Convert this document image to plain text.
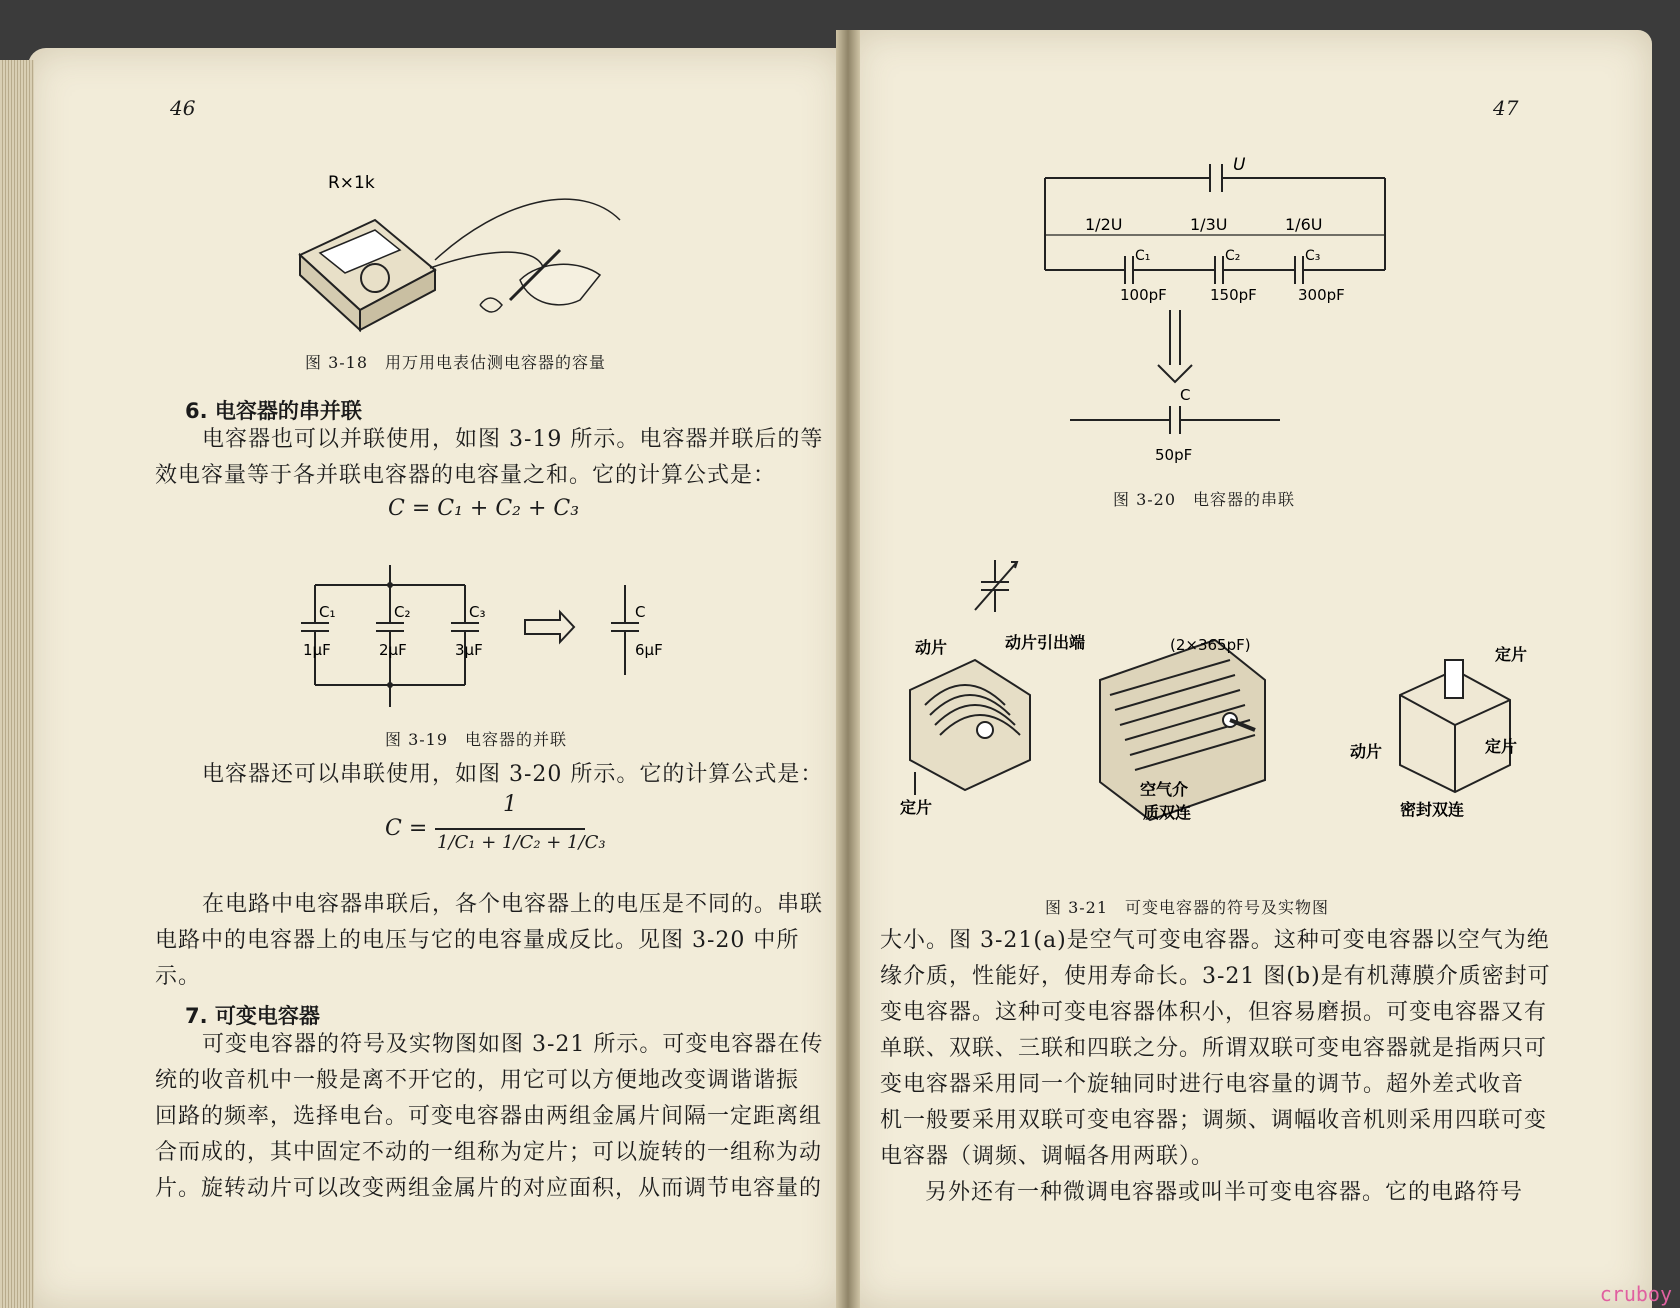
46
R×1k
图 3-18　用万用电表估测电容器的容量
6. 电容器的串并联
电容器也可以并联使用，如图 3-19 所示。电容器并联后的等
效电容量等于各并联电容器的电容量之和。它的计算公式是：
C = C₁ + C₂ + C₃
C₁
1μF
C₂
2μF
C₃
3μF
C
6μF
图 3-19　电容器的并联
电容器还可以串联使用，如图 3-20 所示。它的计算公式是：
C =
1
1/C₁ + 1/C₂ + 1/C₃
在电路中电容器串联后，各个电容器上的电压是不同的。串联
电路中的电容器上的电压与它的电容量成反比。见图 3-20 中所
示。
7. 可变电容器
可变电容器的符号及实物图如图 3-21 所示。可变电容器在传
统的收音机中一般是离不开它的，用它可以方便地改变调谐谐振
回路的频率，选择电台。可变电容器由两组金属片间隔一定距离组
合而成的，其中固定不动的一组称为定片；可以旋转的一组称为动
片。旋转动片可以改变两组金属片的对应面积，从而调节电容量的
47
U
1/2U	1/3U	1/6U
C₁
100pF
C₂
150pF
C₃
300pF
C
50pF
图 3-20　电容器的串联
动片	动片引出端	(2×365pF)
定片
空气介
质双连
定片
动片	定片
密封双连
图 3-21　可变电容器的符号及实物图
大小。图 3-21(a)是空气可变电容器。这种可变电容器以空气为绝
缘介质，性能好，使用寿命长。3-21 图(b)是有机薄膜介质密封可
变电容器。这种可变电容器体积小，但容易磨损。可变电容器又有
单联、双联、三联和四联之分。所谓双联可变电容器就是指两只可
变电容器采用同一个旋轴同时进行电容量的调节。超外差式收音
机一般要采用双联可变电容器；调频、调幅收音机则采用四联可变
电容器（调频、调幅各用两联）。
另外还有一种微调电容器或叫半可变电容器。它的电路符号
cruboy
